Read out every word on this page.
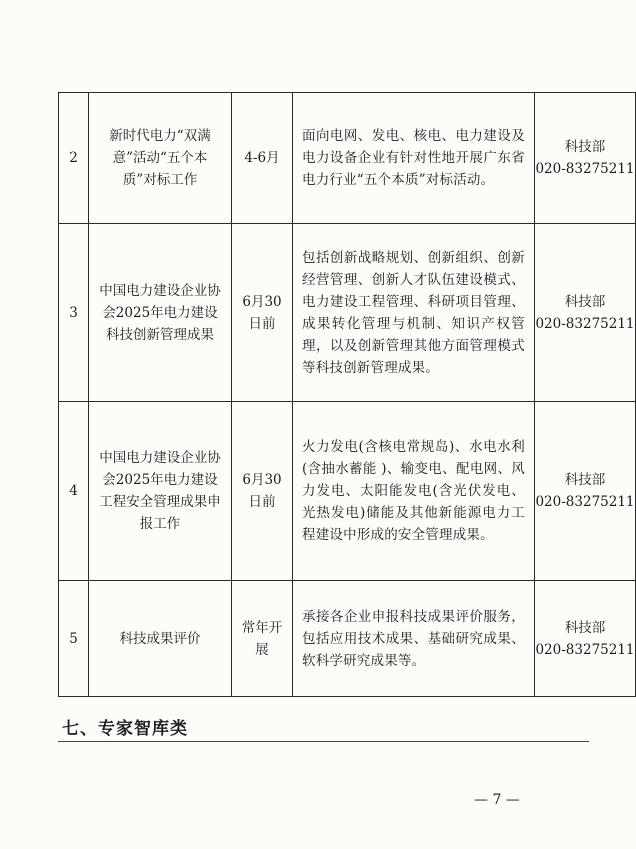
2	新时代电力“双满意”活动“五个本质”对标工作	4-6月	面向电网、发电、核电、电力建设及电力设备企业有针对性地开展广东省电力行业“五个本质”对标活动。	科技部
020-83275211

3	中国电力建设企业协会2025年电力建设科技创新管理成果	6月30日前	包括创新战略规划、创新组织、创新经营管理、创新人才队伍建设模式、电力建设工程管理、科研项目管理、成果转化管理与机制、知识产权管理，以及创新管理其他方面管理模式等科技创新管理成果。	科技部
020-83275211

4	中国电力建设企业协会2025年电力建设工程安全管理成果申报工作	6月30日前	火力发电(含核电常规岛)、水电水利(含抽水蓄能 )、输变电、配电网、风力发电、太阳能发电(含光伏发电、光热发电)储能及其他新能源电力工程建设中形成的安全管理成果。	科技部
020-83275211

5	科技成果评价	常年开展	承接各企业申报科技成果评价服务，包括应用技术成果、基础研究成果、软科学研究成果等。	科技部
020-83275211
七、专家智库类
— 7 —
